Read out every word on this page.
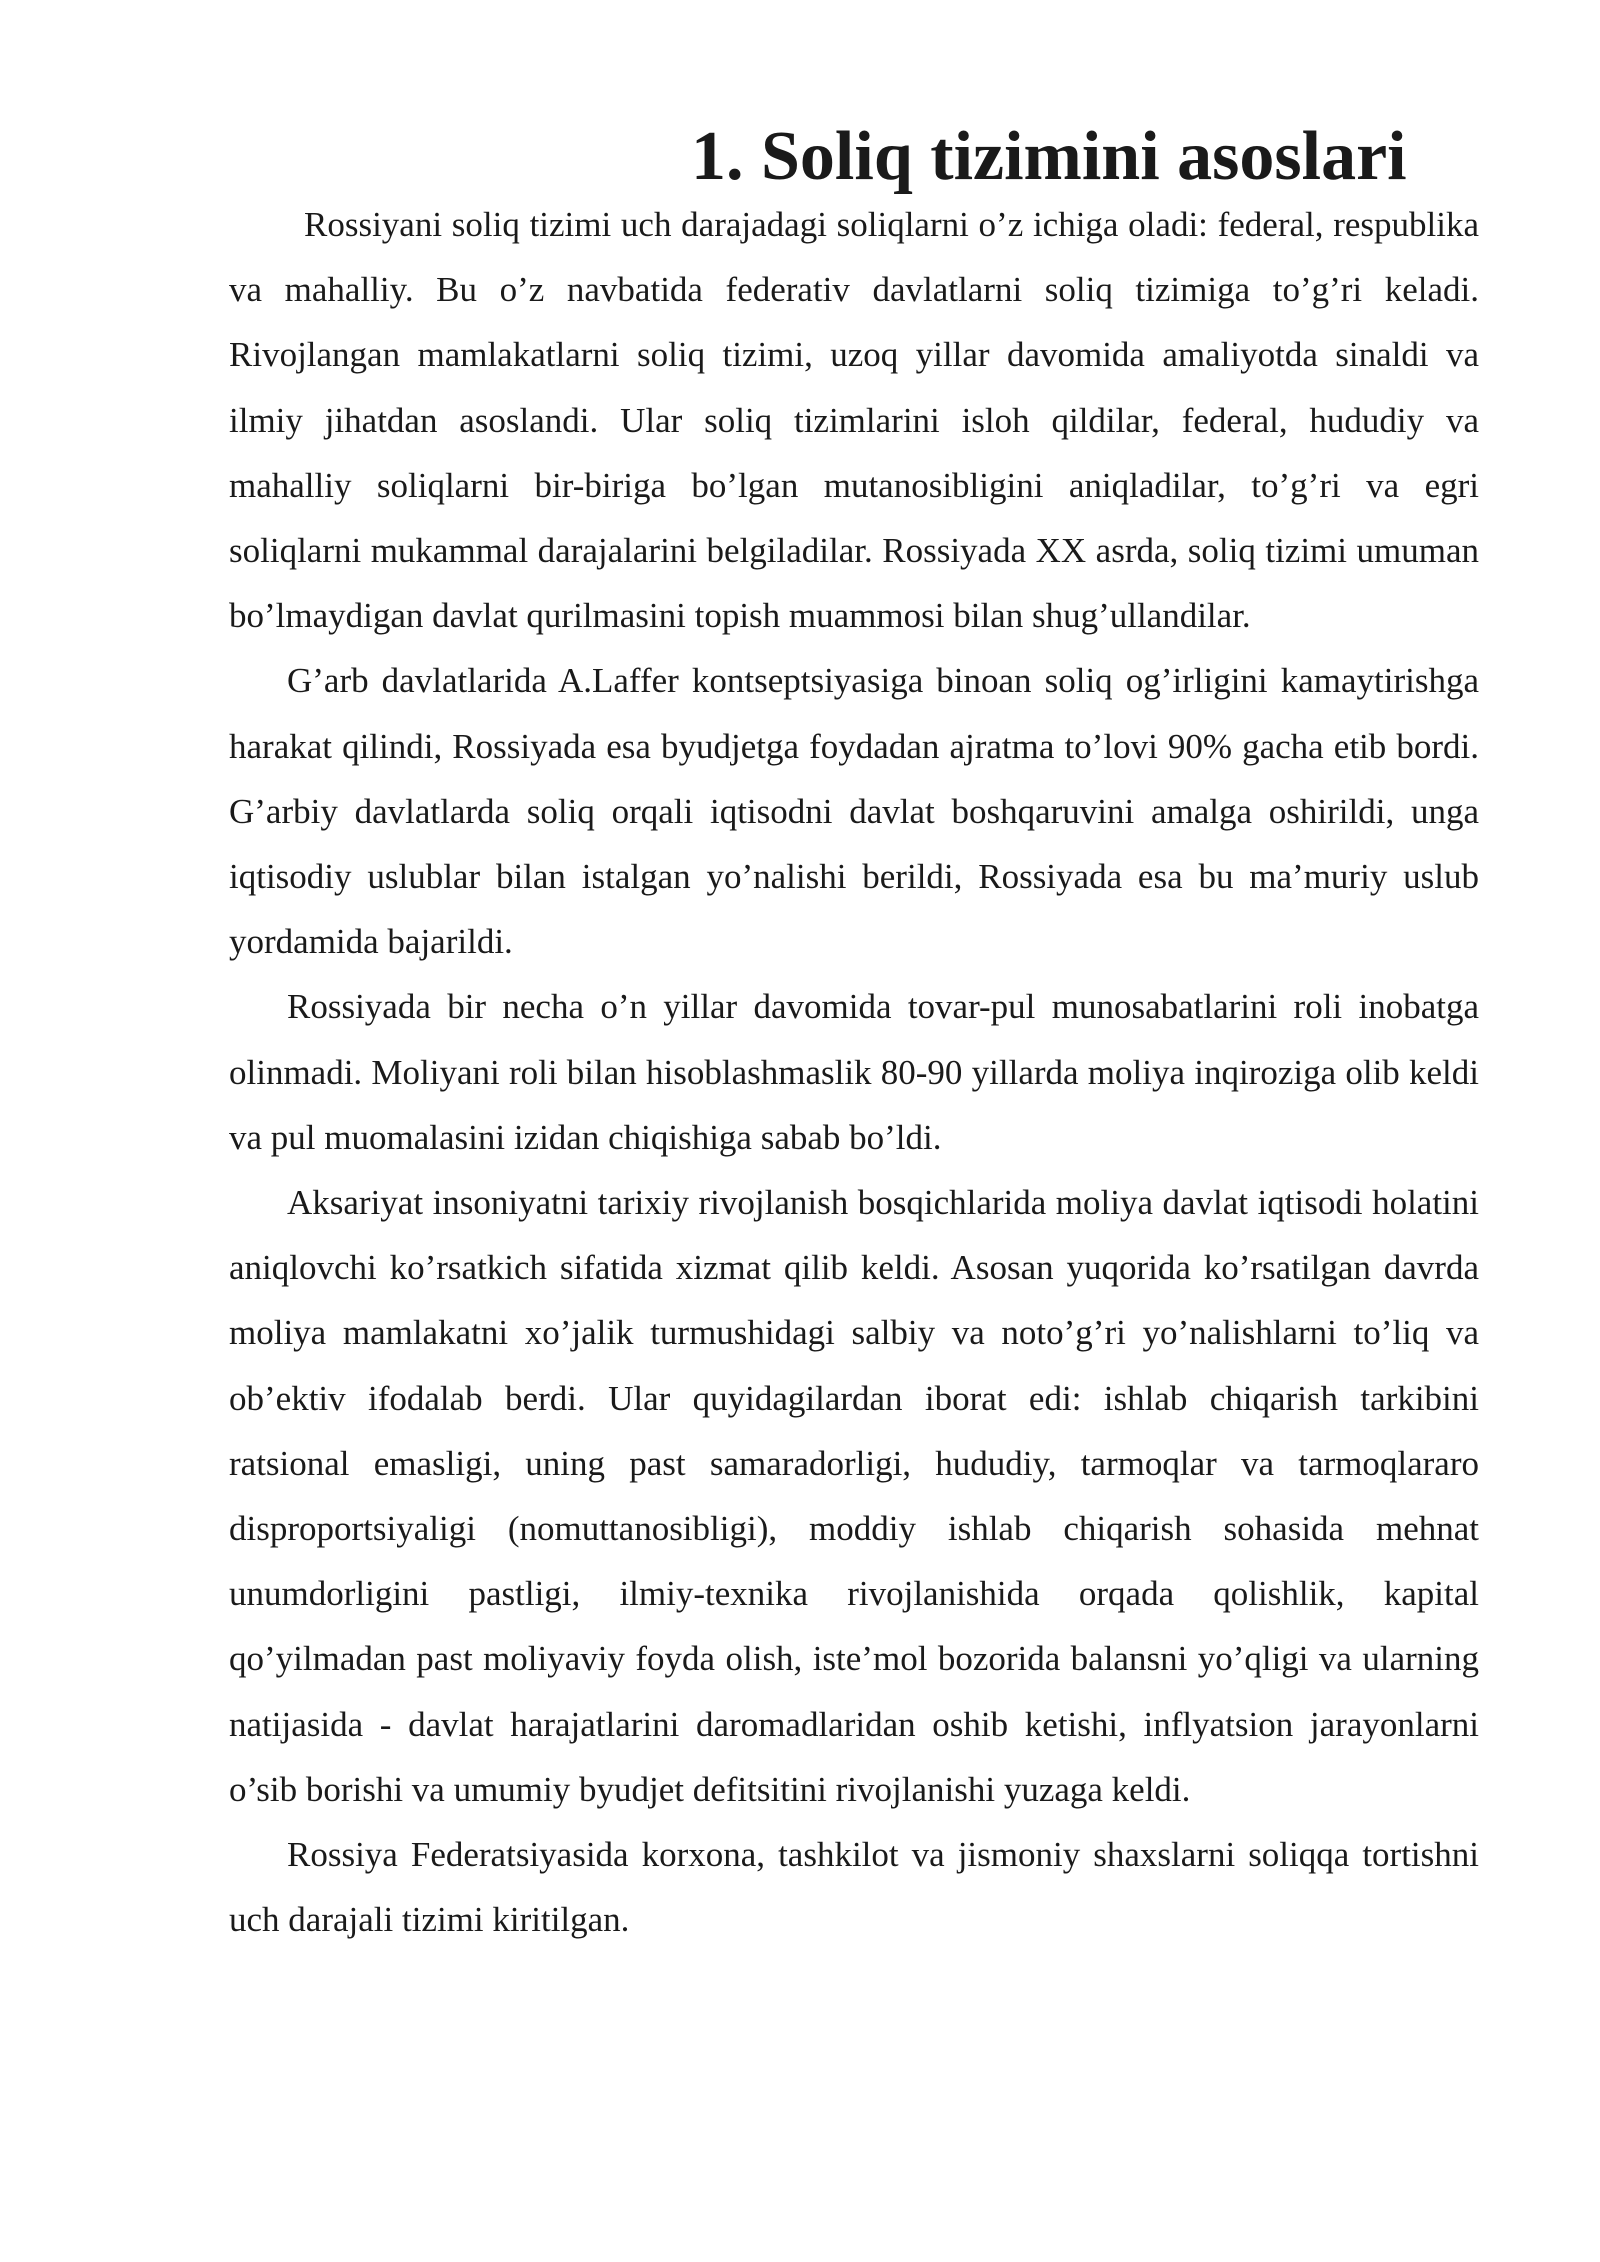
1. Soliq tizimini asoslari

Rossiyani soliq tizimi uch darajadagi soliqlarni o’z ichiga oladi: federal, respublika va mahalliy. Bu o’z navbatida federativ davlatlarni soliq tizimiga to’g’ri keladi. Rivojlangan mamlakatlarni soliq tizimi, uzoq yillar davomida amaliyotda sinaldi va ilmiy jihatdan asoslandi. Ular soliq tizimlarini isloh qildilar, federal, hududiy va mahalliy soliqlarni bir-biriga bo’lgan mutanosibligini aniqladilar, to’g’ri va egri soliqlarni mukammal darajalarini belgiladilar. Rossiyada XX asrda, soliq tizimi umuman bo’lmaydigan davlat qurilmasini topish muammosi bilan shug’ullandilar.

G’arb davlatlarida A.Laffer kontseptsiyasiga binoan soliq og’irligini kamaytirishga harakat qilindi, Rossiyada esa byudjetga foydadan ajratma to’lovi 90% gacha etib bordi. G’arbiy davlatlarda soliq orqali iqtisodni davlat boshqaruvini amalga oshirildi, unga iqtisodiy uslublar bilan istalgan yo’nalishi berildi, Rossiyada esa bu ma’muriy uslub yordamida bajarildi.

Rossiyada bir necha o’n yillar davomida tovar-pul munosabatlarini roli inobatga olinmadi. Moliyani roli bilan hisoblashmaslik 80-90 yillarda moliya inqiroziga olib keldi va pul muomalasini izidan chiqishiga sabab bo’ldi.

Aksariyat insoniyatni tarixiy rivojlanish bosqichlarida moliya davlat iqtisodi holatini aniqlovchi ko’rsatkich sifatida xizmat qilib keldi. Asosan yuqorida ko’rsatilgan davrda moliya mamlakatni xo’jalik turmushidagi salbiy va noto’g’ri yo’nalishlarni to’liq va ob’ektiv ifodalab berdi. Ular quyidagilardan iborat edi: ishlab chiqarish tarkibini ratsional emasligi, uning past samaradorligi, hududiy, tarmoqlar va tarmoqlararo disproportsiyaligi (nomuttanosibligi), moddiy ishlab chiqarish sohasida mehnat unumdorligini pastligi, ilmiy-texnika rivojlanishida orqada qolishlik, kapital qo’yilmadan past moliyaviy foyda olish, iste’mol bozorida balansni yo’qligi va ularning natijasida - davlat harajatlarini daromadlaridan oshib ketishi, inflyatsion jarayonlarni o’sib borishi va umumiy byudjet defitsitini rivojlanishi yuzaga keldi.

Rossiya Federatsiyasida korxona, tashkilot va jismoniy shaxslarni soliqqa tortishni uch darajali tizimi kiritilgan.
